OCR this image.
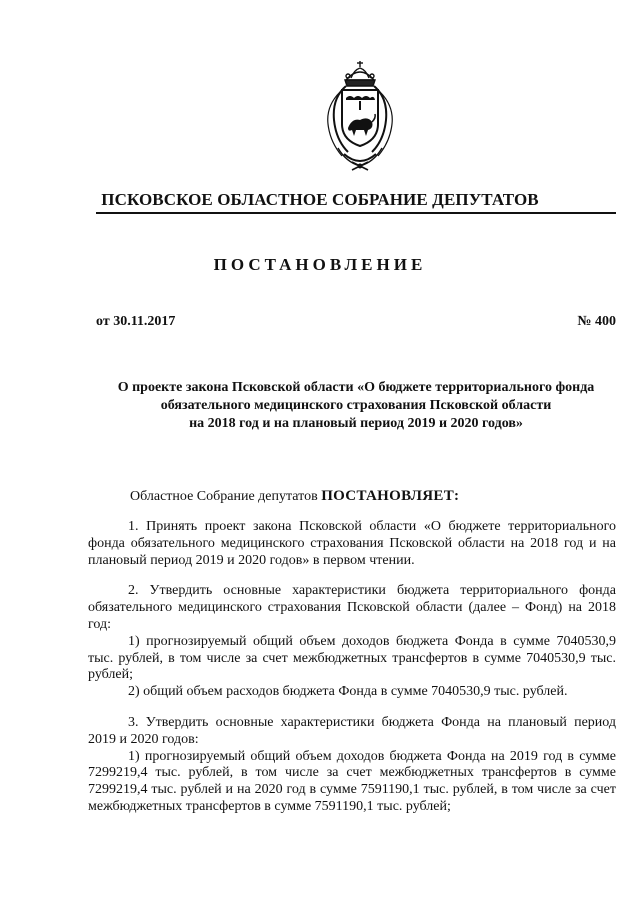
ПСКОВСКОЕ ОБЛАСТНОЕ СОБРАНИЕ ДЕПУТАТОВ
ПОСТАНОВЛЕНИЕ
от 30.11.2017	№ 400
О проекте закона Псковской области «О бюджете территориального фонда
обязательного медицинского страхования Псковской области
на 2018 год и на плановый период 2019 и 2020 годов»
Областное Собрание депутатов ПОСТАНОВЛЯЕТ:

1. Принять проект закона Псковской области «О бюджете территориального фонда обязательного медицинского страхования Псковской области на 2018 год и на плановый период 2019 и 2020 годов» в первом чтении.

2. Утвердить основные характеристики бюджета территориального фонда обязательного медицинского страхования Псковской области (далее – Фонд) на 2018 год:

1) прогнозируемый общий объем доходов бюджета Фонда в сумме 7040530,9 тыс. рублей, в том числе за счет межбюджетных трансфертов в сумме 7040530,9 тыс. рублей;

2) общий объем расходов бюджета Фонда в сумме 7040530,9 тыс. рублей.

3. Утвердить основные характеристики бюджета Фонда на плановый период 2019 и 2020 годов:

1) прогнозируемый общий объем доходов бюджета Фонда на 2019 год в сумме 7299219,4 тыс. рублей, в том числе за счет межбюджетных трансфертов в сумме 7299219,4 тыс. рублей и на 2020 год в сумме 7591190,1 тыс. рублей, в том числе за счет межбюджетных трансфертов в сумме 7591190,1 тыс. рублей;
